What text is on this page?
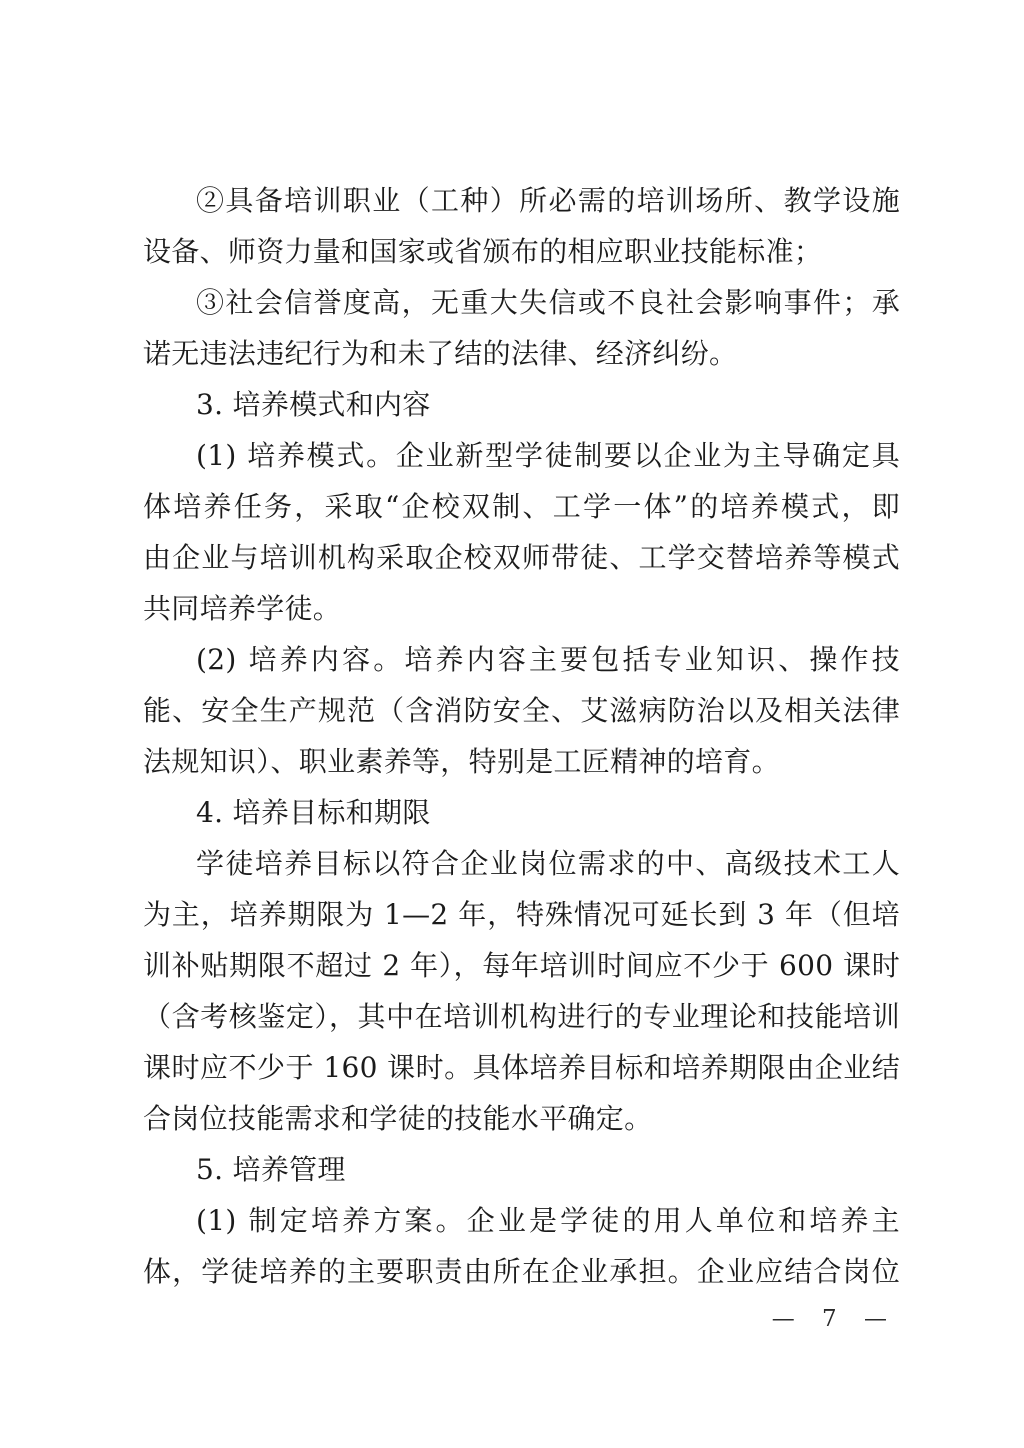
②具备培训职业（工种）所必需的培训场所、教学设施
设备、师资力量和国家或省颁布的相应职业技能标准；
③社会信誉度高，无重大失信或不良社会影响事件；承
诺无违法违纪行为和未了结的法律、经济纠纷。
3. 培养模式和内容
(1) 培养模式。企业新型学徒制要以企业为主导确定具
体培养任务，采取“企校双制、工学一体”的培养模式，即
由企业与培训机构采取企校双师带徒、工学交替培养等模式
共同培养学徒。
(2) 培养内容。培养内容主要包括专业知识、操作技
能、安全生产规范（含消防安全、艾滋病防治以及相关法律
法规知识）、职业素养等，特别是工匠精神的培育。
4. 培养目标和期限
学徒培养目标以符合企业岗位需求的中、高级技术工人
为主，培养期限为 1—2 年，特殊情况可延长到 3 年（但培
训补贴期限不超过 2 年），每年培训时间应不少于 600 课时
（含考核鉴定），其中在培训机构进行的专业理论和技能培训
课时应不少于 160 课时。具体培养目标和培养期限由企业结
合岗位技能需求和学徒的技能水平确定。
5. 培养管理
(1) 制定培养方案。企业是学徒的用人单位和培养主
体，学徒培养的主要职责由所在企业承担。企业应结合岗位
— 7 —
